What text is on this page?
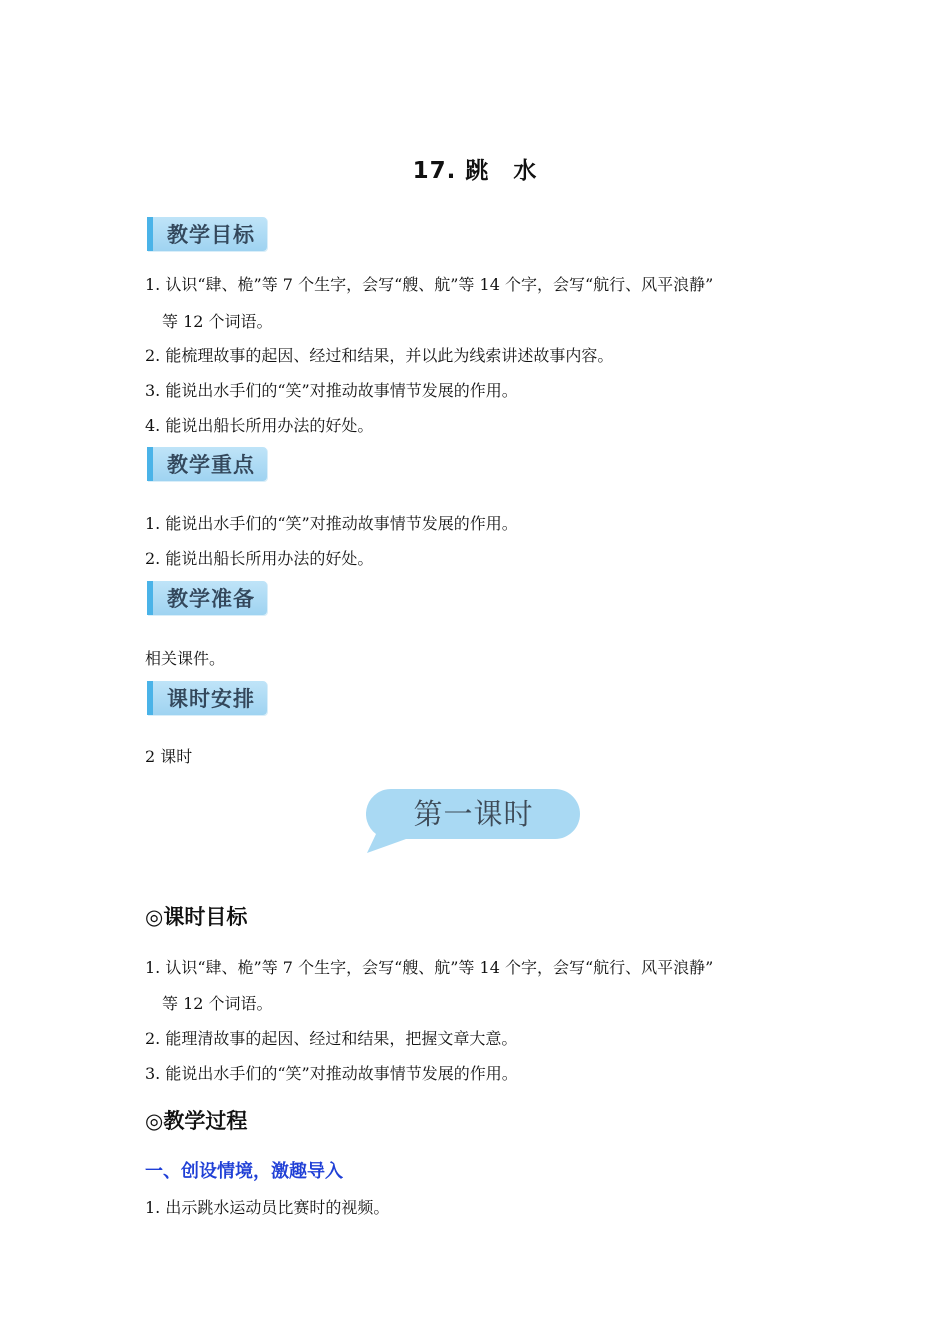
17. 跳　水
教学目标
1. 认识“肆、桅”等 7 个生字，会写“艘、航”等 14 个字，会写“航行、风平浪静”
等 12 个词语。
2. 能梳理故事的起因、经过和结果，并以此为线索讲述故事内容。
3. 能说出水手们的“笑”对推动故事情节发展的作用。
4. 能说出船长所用办法的好处。
教学重点
1. 能说出水手们的“笑”对推动故事情节发展的作用。
2. 能说出船长所用办法的好处。
教学准备
相关课件。
课时安排
2 课时
第一课时
◎课时目标
1. 认识“肆、桅”等 7 个生字，会写“艘、航”等 14 个字，会写“航行、风平浪静”
等 12 个词语。
2. 能理清故事的起因、经过和结果，把握文章大意。
3. 能说出水手们的“笑”对推动故事情节发展的作用。
◎教学过程
一、创设情境，激趣导入
1. 出示跳水运动员比赛时的视频。
